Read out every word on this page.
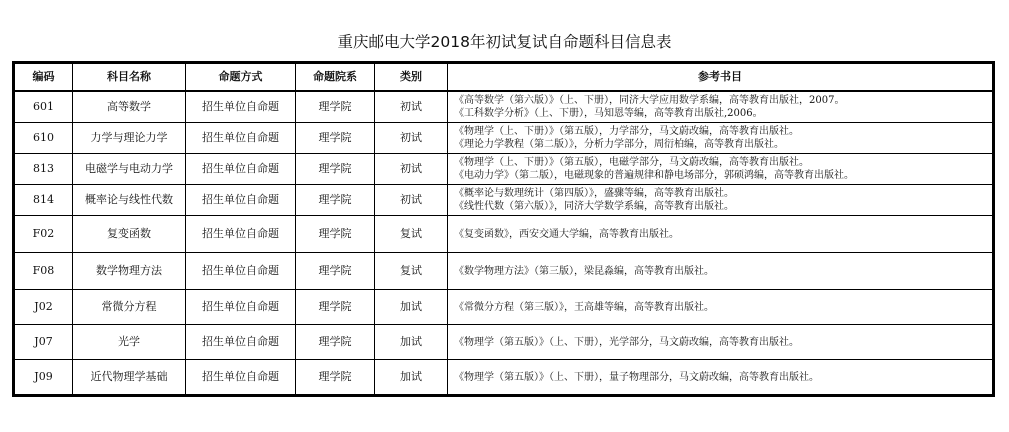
重庆邮电大学2018年初试复试自命题科目信息表
编码	科目名称	命题方式	命题院系	类别	参考书目
601	高等数学	招生单位自命题	理学院	初试	《高等数学（第六版）》（上、下册），同济大学应用数学系编，高等教育出版社，2007。
《工科数学分析》（上、下册），马知恩等编，高等教育出版社,2006。

610	力学与理论力学	招生单位自命题	理学院	初试	《物理学（上、下册）》（第五版），力学部分，马文蔚改编，高等教育出版社。
《理论力学教程（第二版）》，分析力学部分，周衍柏编，高等教育出版社。

813	电磁学与电动力学	招生单位自命题	理学院	初试	《物理学（上、下册）》（第五版），电磁学部分，马文蔚改编，高等教育出版社。
《电动力学》（第二版），电磁现象的普遍规律和静电场部分，郭硕鸿编，高等教育出版社。

814	概率论与线性代数	招生单位自命题	理学院	初试	《概率论与数理统计（第四版）》，盛骤等编，高等教育出版社。
《线性代数（第六版）》，同济大学数学系编，高等教育出版社。

F02	复变函数	招生单位自命题	理学院	复试	《复变函数》，西安交通大学编，高等教育出版社。

F08	数学物理方法	招生单位自命题	理学院	复试	《数学物理方法》（第三版），梁昆淼编，高等教育出版社。

J02	常微分方程	招生单位自命题	理学院	加试	《常微分方程（第三版）》，王高雄等编，高等教育出版社。

J07	光学	招生单位自命题	理学院	加试	《物理学（第五版）》（上、下册），光学部分，马文蔚改编，高等教育出版社。

J09	近代物理学基础	招生单位自命题	理学院	加试	《物理学（第五版）》（上、下册），量子物理部分，马文蔚改编，高等教育出版社。
